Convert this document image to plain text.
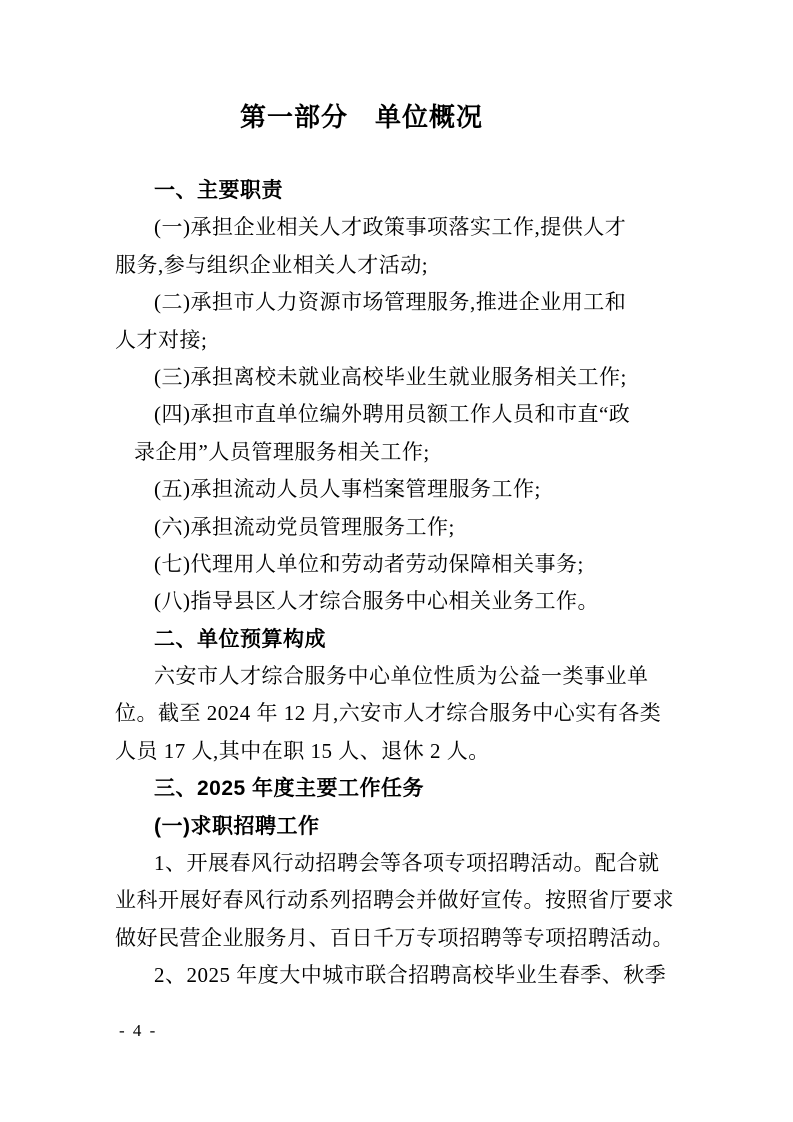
第一部分　单位概况
一、主要职责
(一)承担企业相关人才政策事项落实工作,提供人才
服务,参与组织企业相关人才活动;
(二)承担市人力资源市场管理服务,推进企业用工和
人才对接;
(三)承担离校未就业高校毕业生就业服务相关工作;
(四)承担市直单位编外聘用员额工作人员和市直“政
录企用”人员管理服务相关工作;
(五)承担流动人员人事档案管理服务工作;
(六)承担流动党员管理服务工作;
(七)代理用人单位和劳动者劳动保障相关事务;
(八)指导县区人才综合服务中心相关业务工作。
二、单位预算构成
六安市人才综合服务中心单位性质为公益一类事业单
位。截至 2024 年 12 月,六安市人才综合服务中心实有各类
人员 17 人,其中在职 15 人、退休 2 人。
三、2025 年度主要工作任务
(一)求职招聘工作
1、开展春风行动招聘会等各项专项招聘活动。配合就
业科开展好春风行动系列招聘会并做好宣传。按照省厅要求
做好民营企业服务月、百日千万专项招聘等专项招聘活动。
2、2025 年度大中城市联合招聘高校毕业生春季、秋季
- 4 -
